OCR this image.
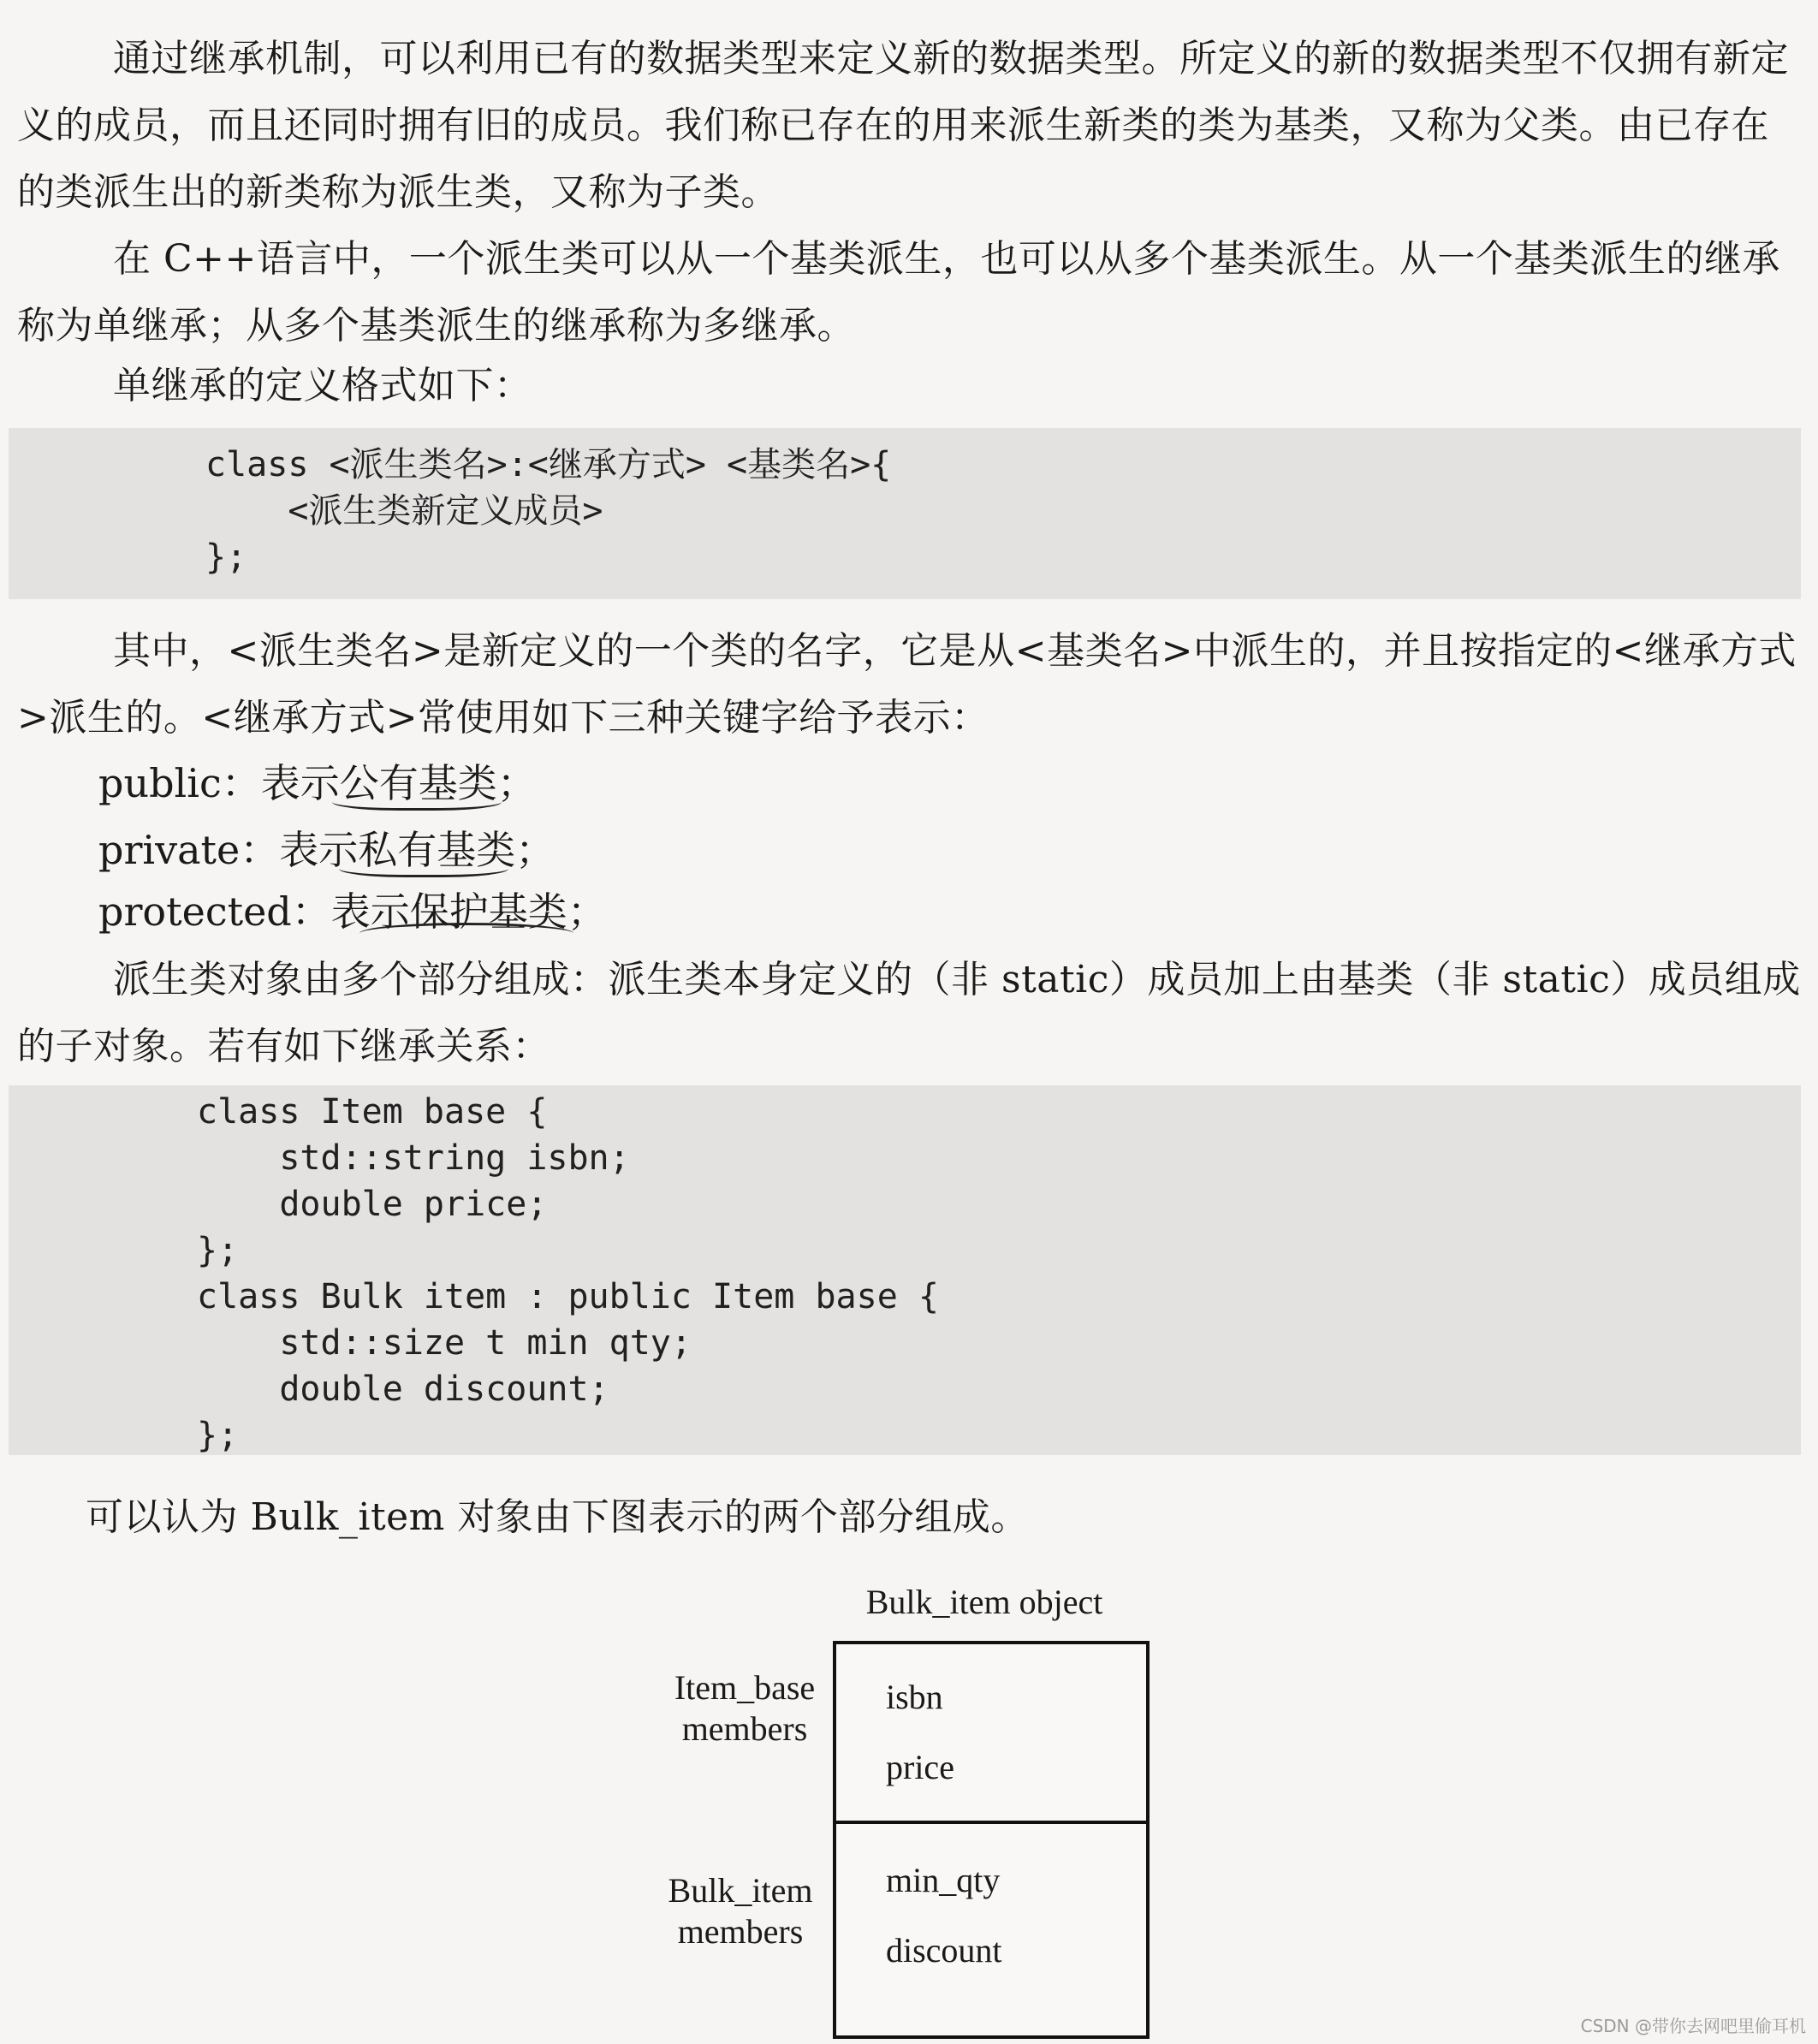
通过继承机制，可以利用已有的数据类型来定义新的数据类型。所定义的新的数据类型不仅拥有新定义的成员，而且还同时拥有旧的成员。我们称已存在的用来派生新类的类为基类，又称为父类。由已存在的类派生出的新类称为派生类，又称为子类。

在 C++语言中，一个派生类可以从一个基类派生，也可以从多个基类派生。从一个基类派生的继承称为单继承；从多个基类派生的继承称为多继承。

单继承的定义格式如下：

class <派生类名>:<继承方式> <基类名>{
<派生类新定义成员>
};

其中，<派生类名>是新定义的一个类的名字，它是从<基类名>中派生的，并且按指定的<继承方式>派生的。<继承方式>常使用如下三种关键字给予表示：

public：表示公有基类；

private：表示私有基类；

protected：表示保护基类；

派生类对象由多个部分组成：派生类本身定义的（非 static）成员加上由基类（非 static）成员组成的子对象。若有如下继承关系：

class Item base {
std::string isbn;
double price;
};
class Bulk item : public Item base {
std::size t min qty;
double discount;
};

可以认为 Bulk_item 对象由下图表示的两个部分组成。

Bulk_item object
Item_base
members
Bulk_item
members
isbn
price
min_qty
discount
CSDN @带你去网吧里偷耳机
